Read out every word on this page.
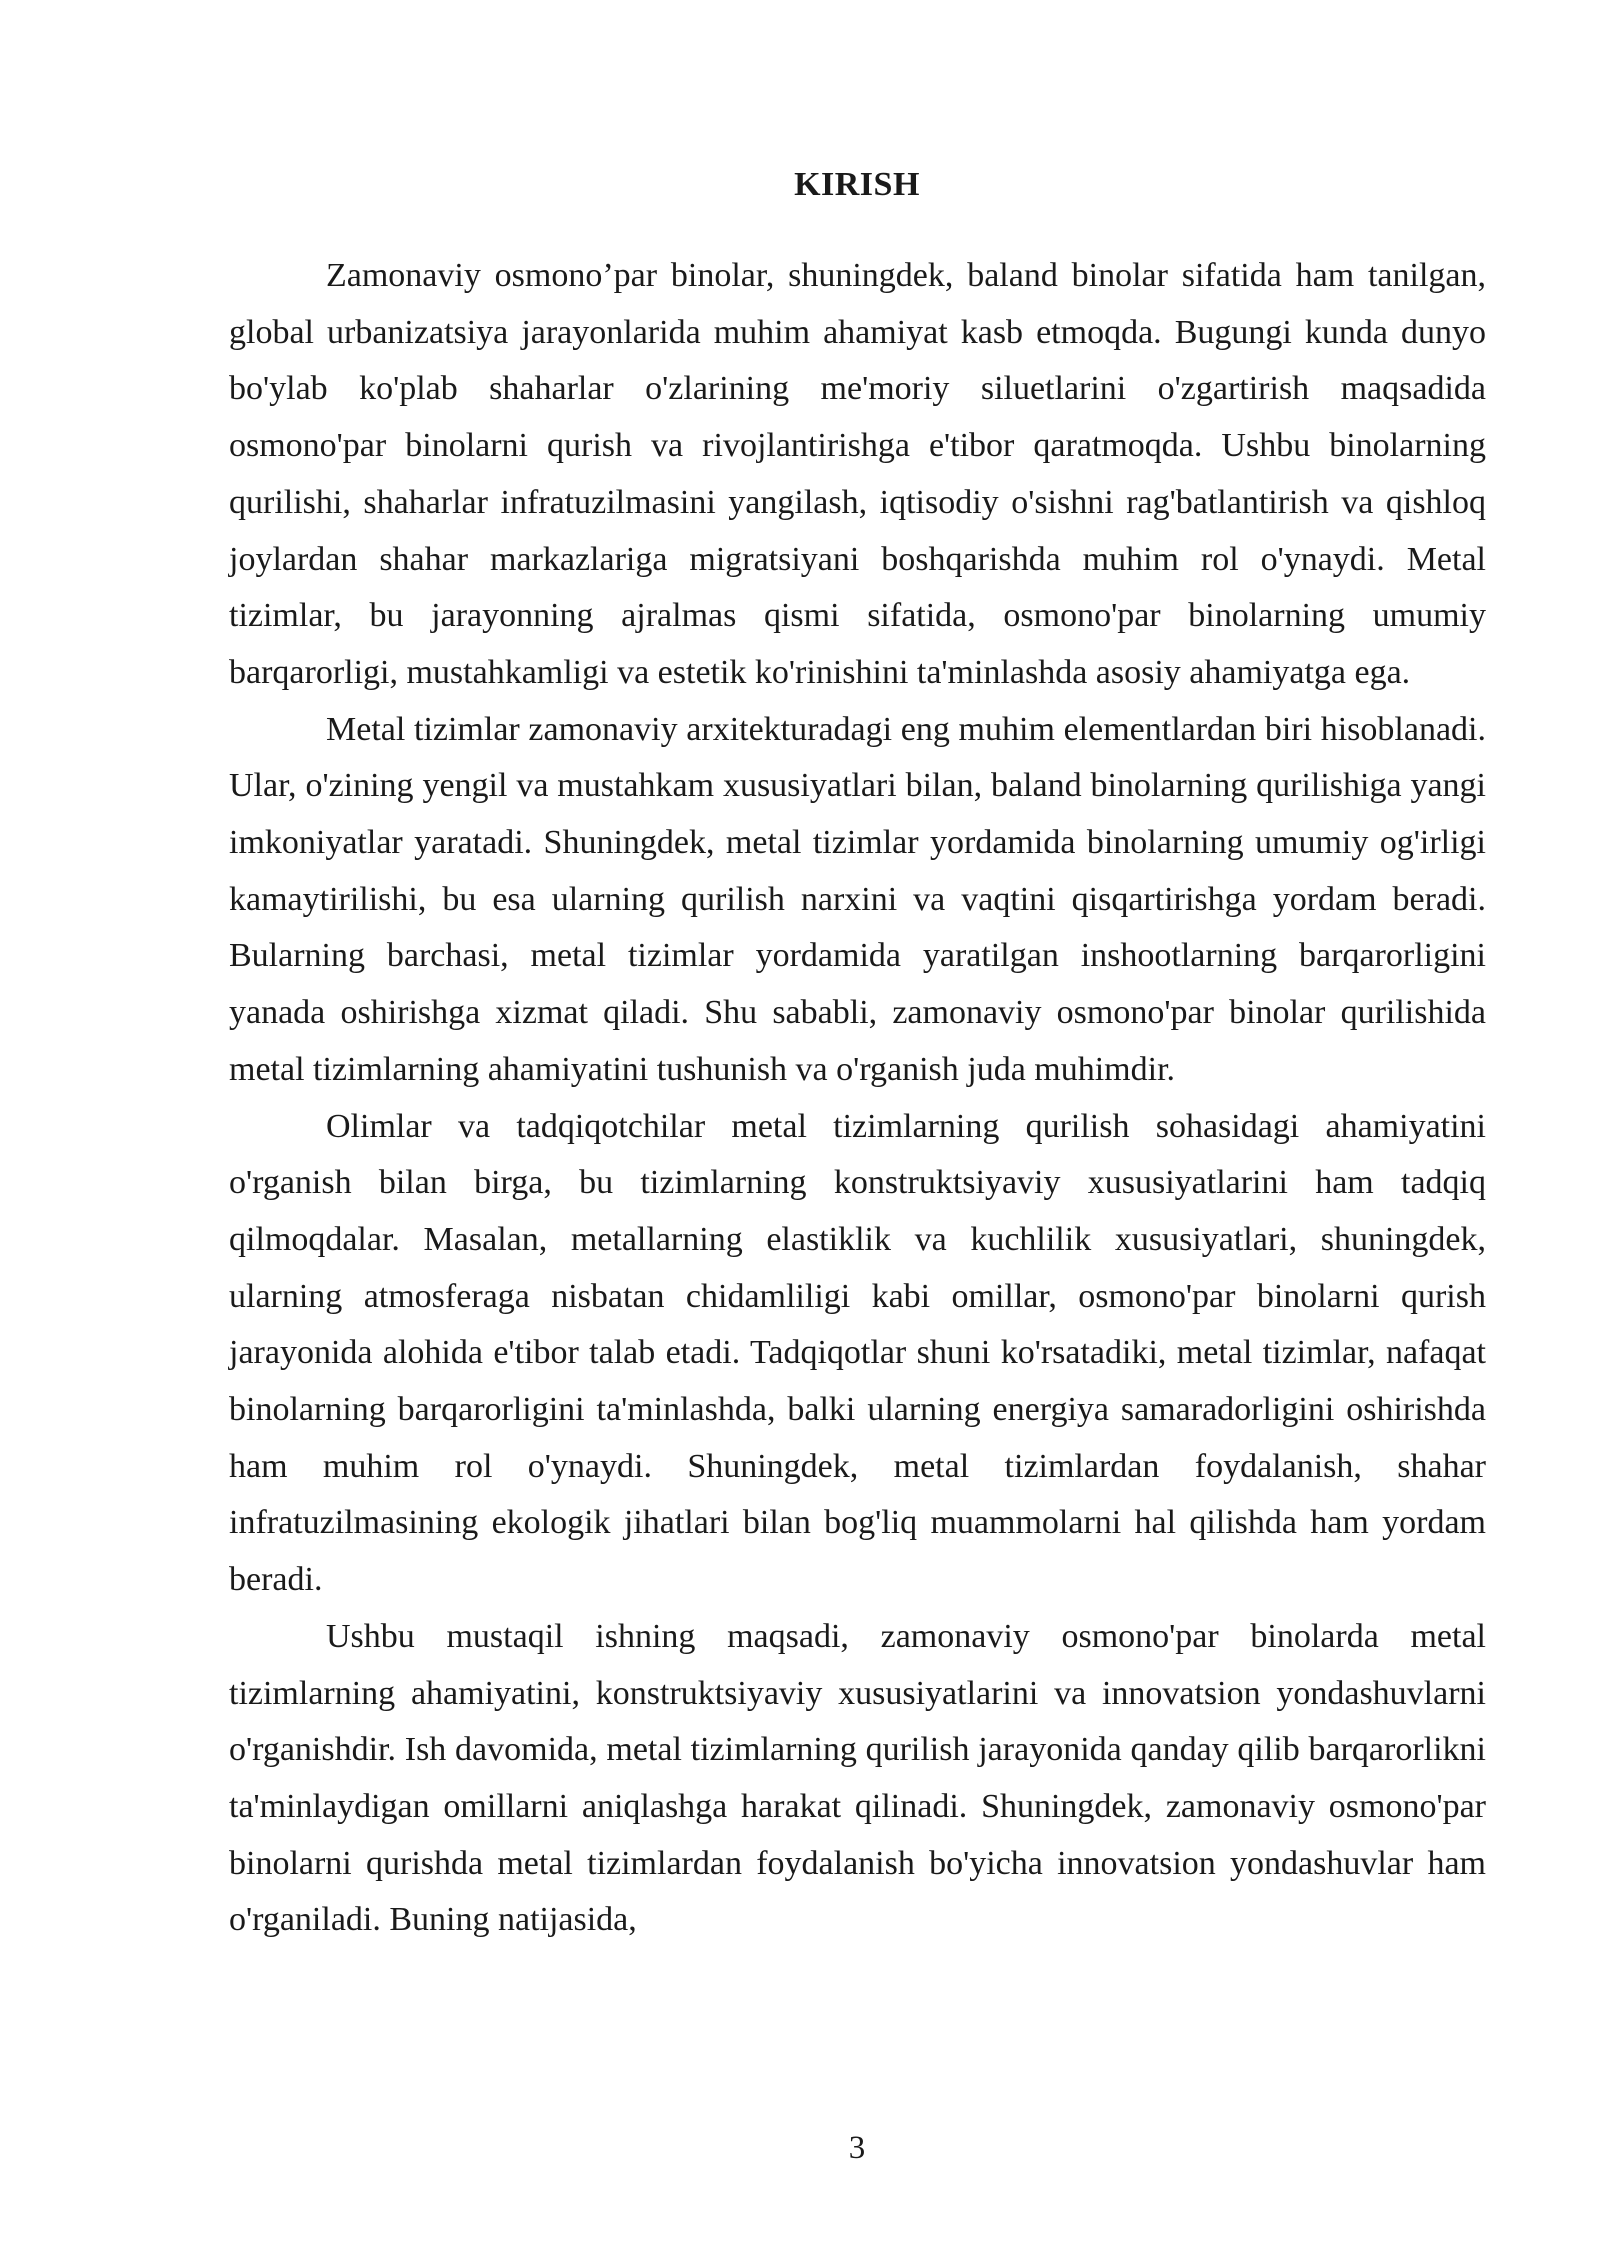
KIRISH

Zamonaviy osmono’par binolar, shuningdek, baland binolar sifatida ham tanilgan, global urbanizatsiya jarayonlarida muhim ahamiyat kasb etmoqda. Bugungi kunda dunyo bo'ylab ko'plab shaharlar o'zlarining me'moriy siluetlarini o'zgartirish maqsadida osmono'par binolarni qurish va rivojlantirishga e'tibor qaratmoqda. Ushbu binolarning qurilishi, shaharlar infratuzilmasini yangilash, iqtisodiy o'sishni rag'batlantirish va qishloq joylardan shahar markazlariga migratsiyani boshqarishda muhim rol o'ynaydi. Metal tizimlar, bu jarayonning ajralmas qismi sifatida, osmono'par binolarning umumiy barqarorligi, mustahkamligi va estetik ko'rinishini ta'minlashda asosiy ahamiyatga ega.

Metal tizimlar zamonaviy arxitekturadagi eng muhim elementlardan biri hisoblanadi. Ular, o'zining yengil va mustahkam xususiyatlari bilan, baland binolarning qurilishiga yangi imkoniyatlar yaratadi. Shuningdek, metal tizimlar yordamida binolarning umumiy og'irligi kamaytirilishi, bu esa ularning qurilish narxini va vaqtini qisqartirishga yordam beradi. Bularning barchasi, metal tizimlar yordamida yaratilgan inshootlarning barqarorligini yanada oshirishga xizmat qiladi. Shu sababli, zamonaviy osmono'par binolar qurilishida metal tizimlarning ahamiyatini tushunish va o'rganish juda muhimdir.

Olimlar va tadqiqotchilar metal tizimlarning qurilish sohasidagi ahamiyatini o'rganish bilan birga, bu tizimlarning konstruktsiyaviy xususiyatlarini ham tadqiq qilmoqdalar. Masalan, metallarning elastiklik va kuchlilik xususiyatlari, shuningdek, ularning atmosferaga nisbatan chidamliligi kabi omillar, osmono'par binolarni qurish jarayonida alohida e'tibor talab etadi. Tadqiqotlar shuni ko'rsatadiki, metal tizimlar, nafaqat binolarning barqarorligini ta'minlashda, balki ularning energiya samaradorligini oshirishda ham muhim rol o'ynaydi. Shuningdek, metal tizimlardan foydalanish, shahar infratuzilmasining ekologik jihatlari bilan bog'liq muammolarni hal qilishda ham yordam beradi.

Ushbu mustaqil ishning maqsadi, zamonaviy osmono'par binolarda metal tizimlarning ahamiyatini, konstruktsiyaviy xususiyatlarini va innovatsion yondashuvlarni o'rganishdir. Ish davomida, metal tizimlarning qurilish jarayonida qanday qilib barqarorlikni ta'minlaydigan omillarni aniqlashga harakat qilinadi. Shuningdek, zamonaviy osmono'par binolarni qurishda metal tizimlardan foydalanish bo'yicha innovatsion yondashuvlar ham o'rganiladi. Buning natijasida,

3
